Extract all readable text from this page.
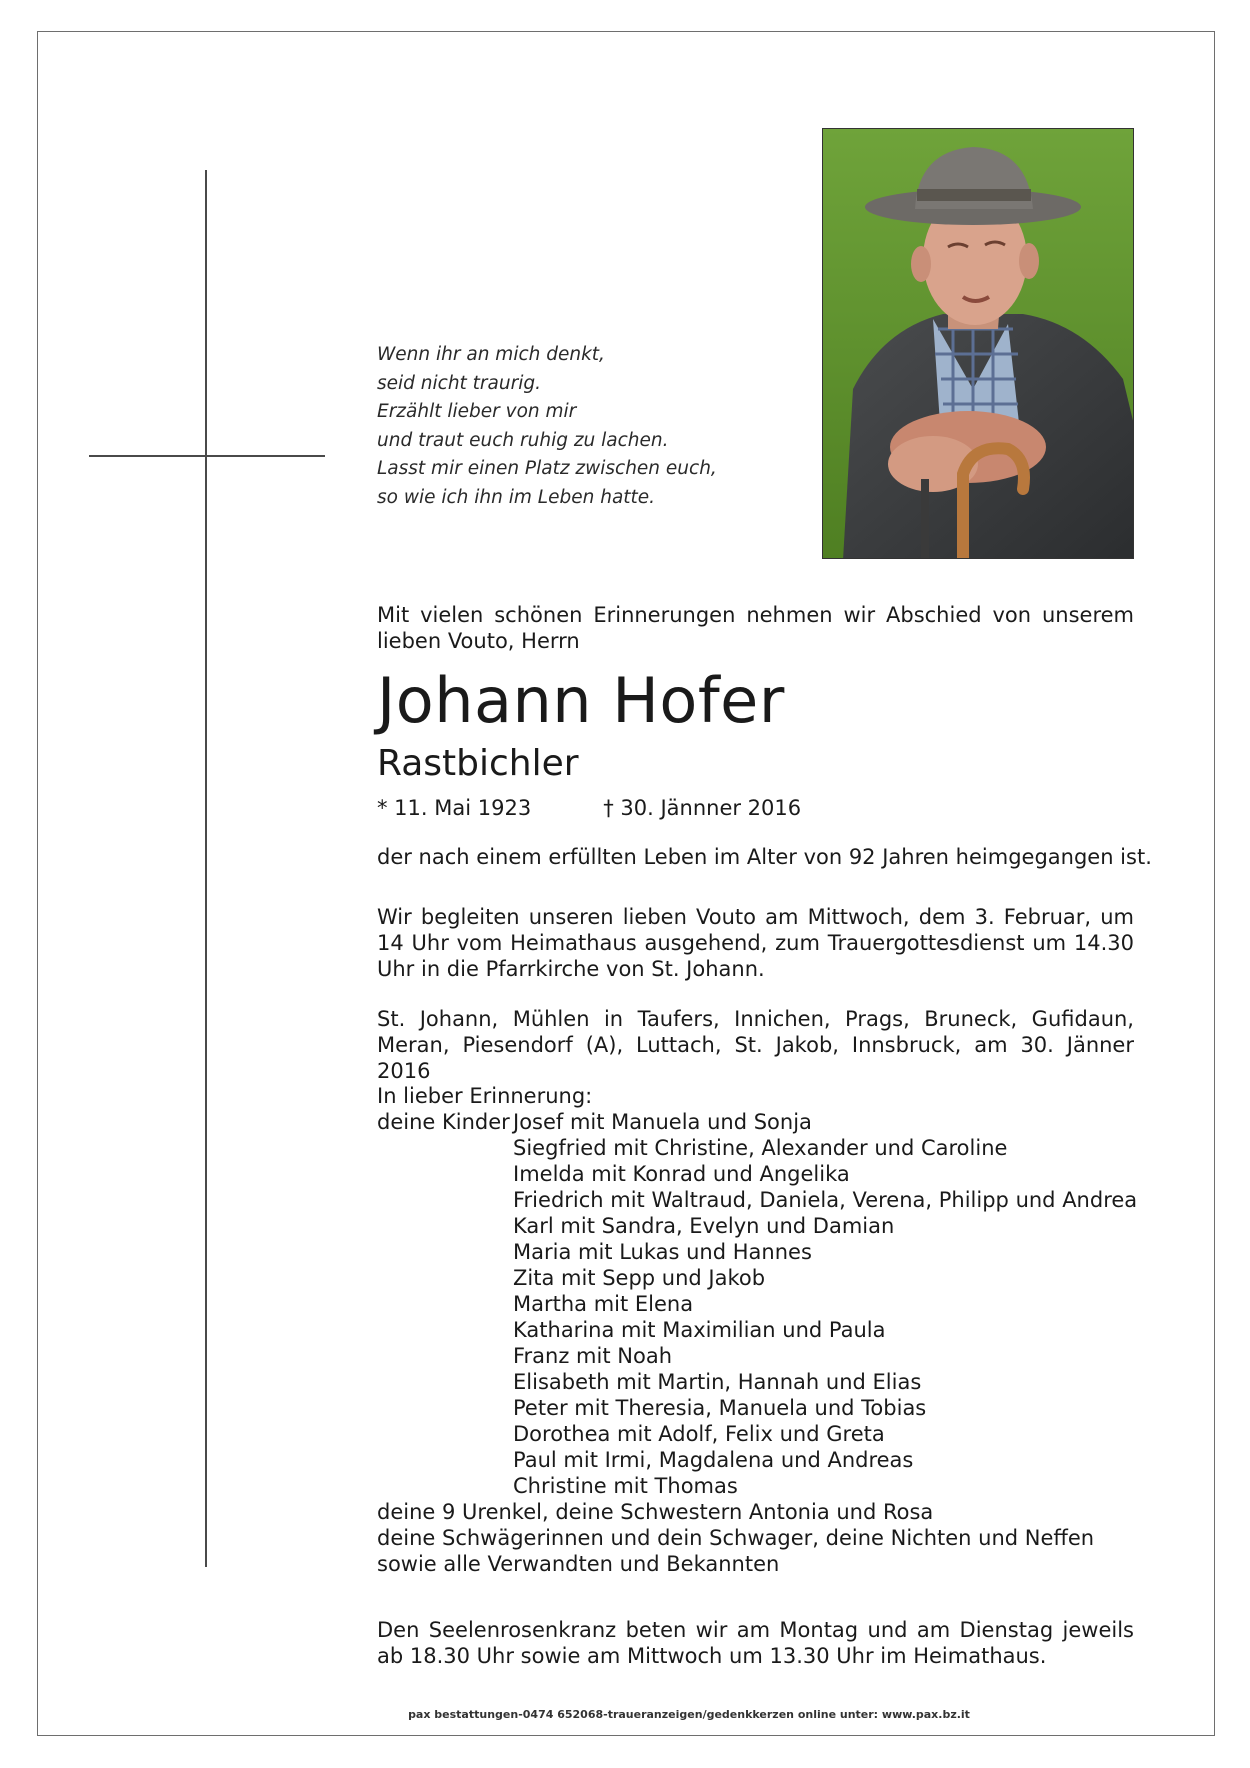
Wenn ihr an mich denkt,
seid nicht traurig.
Erzählt lieber von mir
und traut euch ruhig zu lachen.
Lasst mir einen Platz zwischen euch,
so wie ich ihn im Leben hatte.
Mit vielen schönen Erinnerungen nehmen wir Abschied von unserem lieben Vouto, Herrn
Johann Hofer
Rastbichler
* 11. Mai 1923	† 30. Jännner 2016
der nach einem erfüllten Leben im Alter von 92 Jahren heimgegangen ist.
Wir begleiten unseren lieben Vouto am Mittwoch, dem 3. Februar, um 14 Uhr vom Heimathaus ausgehend, zum Trauergottesdienst um 14.30 Uhr in die Pfarrkirche von St. Johann.
St. Johann, Mühlen in Taufers, Innichen, Prags, Bruneck, Gufidaun, Meran, Piesendorf (A), Luttach, St. Jakob, Innsbruck, am 30. Jänner 2016
In lieber Erinnerung:
deine Kinder Josef mit Manuela und Sonja
Siegfried mit Christine, Alexander und Caroline
Imelda mit Konrad und Angelika
Friedrich mit Waltraud, Daniela, Verena, Philipp und Andrea
Karl mit Sandra, Evelyn und Damian
Maria mit Lukas und Hannes
Zita mit Sepp und Jakob
Martha mit Elena
Katharina mit Maximilian und Paula
Franz mit Noah
Elisabeth mit Martin, Hannah und Elias
Peter mit Theresia, Manuela und Tobias
Dorothea mit Adolf, Felix und Greta
Paul mit Irmi, Magdalena und Andreas
Christine mit Thomas
deine 9 Urenkel, deine Schwestern Antonia und Rosa
deine Schwägerinnen und dein Schwager, deine Nichten und Neffen
sowie alle Verwandten und Bekannten
Den Seelenrosenkranz beten wir am Montag und am Dienstag jeweils ab 18.30 Uhr sowie am Mittwoch um 13.30 Uhr im Heimathaus.
pax bestattungen-0474 652068-traueranzeigen/gedenkkerzen online unter: www.pax.bz.it
